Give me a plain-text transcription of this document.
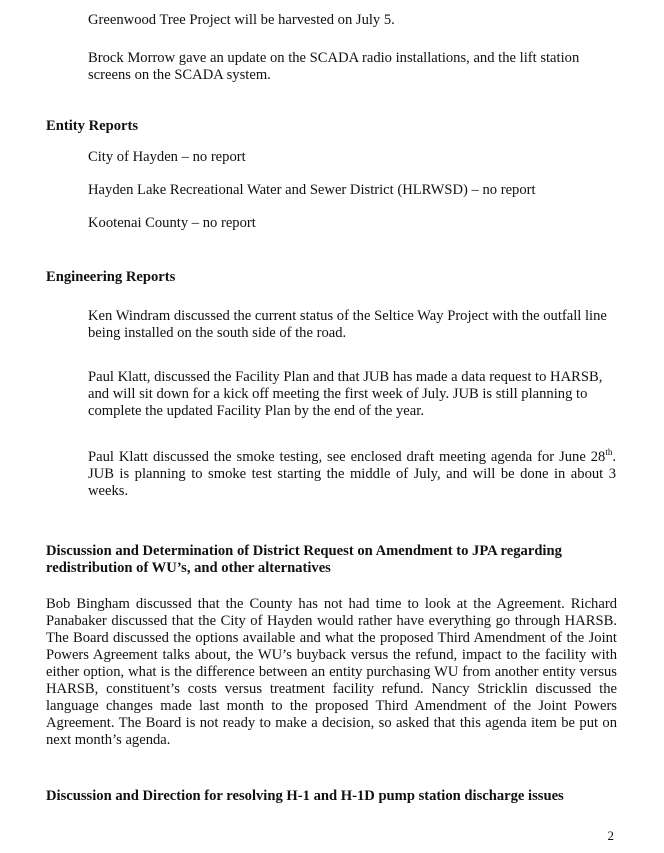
Greenwood Tree Project will be harvested on July 5.

Brock Morrow gave an update on the SCADA radio installations, and the lift station screens on the SCADA system.

Entity Reports

City of Hayden – no report

Hayden Lake Recreational Water and Sewer District (HLRWSD) – no report

Kootenai County – no report

Engineering Reports

Ken Windram discussed the current status of the Seltice Way Project with the outfall line being installed on the south side of the road.

Paul Klatt, discussed the Facility Plan and that JUB has made a data request to HARSB, and will sit down for a kick off meeting the first week of July. JUB is still planning to complete the updated Facility Plan by the end of the year.

Paul Klatt discussed the smoke testing, see enclosed draft meeting agenda for June 28th. JUB is planning to smoke test starting the middle of July, and will be done in about 3 weeks.

Discussion and Determination of District Request on Amendment to JPA regarding redistribution of WU’s, and other alternatives

Bob Bingham discussed that the County has not had time to look at the Agreement. Richard Panabaker discussed that the City of Hayden would rather have everything go through HARSB. The Board discussed the options available and what the proposed Third Amendment of the Joint Powers Agreement talks about, the WU’s buyback versus the refund, impact to the facility with either option, what is the difference between an entity purchasing WU from another entity versus HARSB, constituent’s costs versus treatment facility refund. Nancy Stricklin discussed the language changes made last month to the proposed Third Amendment of the Joint Powers Agreement. The Board is not ready to make a decision, so asked that this agenda item be put on next month’s agenda.

Discussion and Direction for resolving H-1 and H-1D pump station discharge issues
2
